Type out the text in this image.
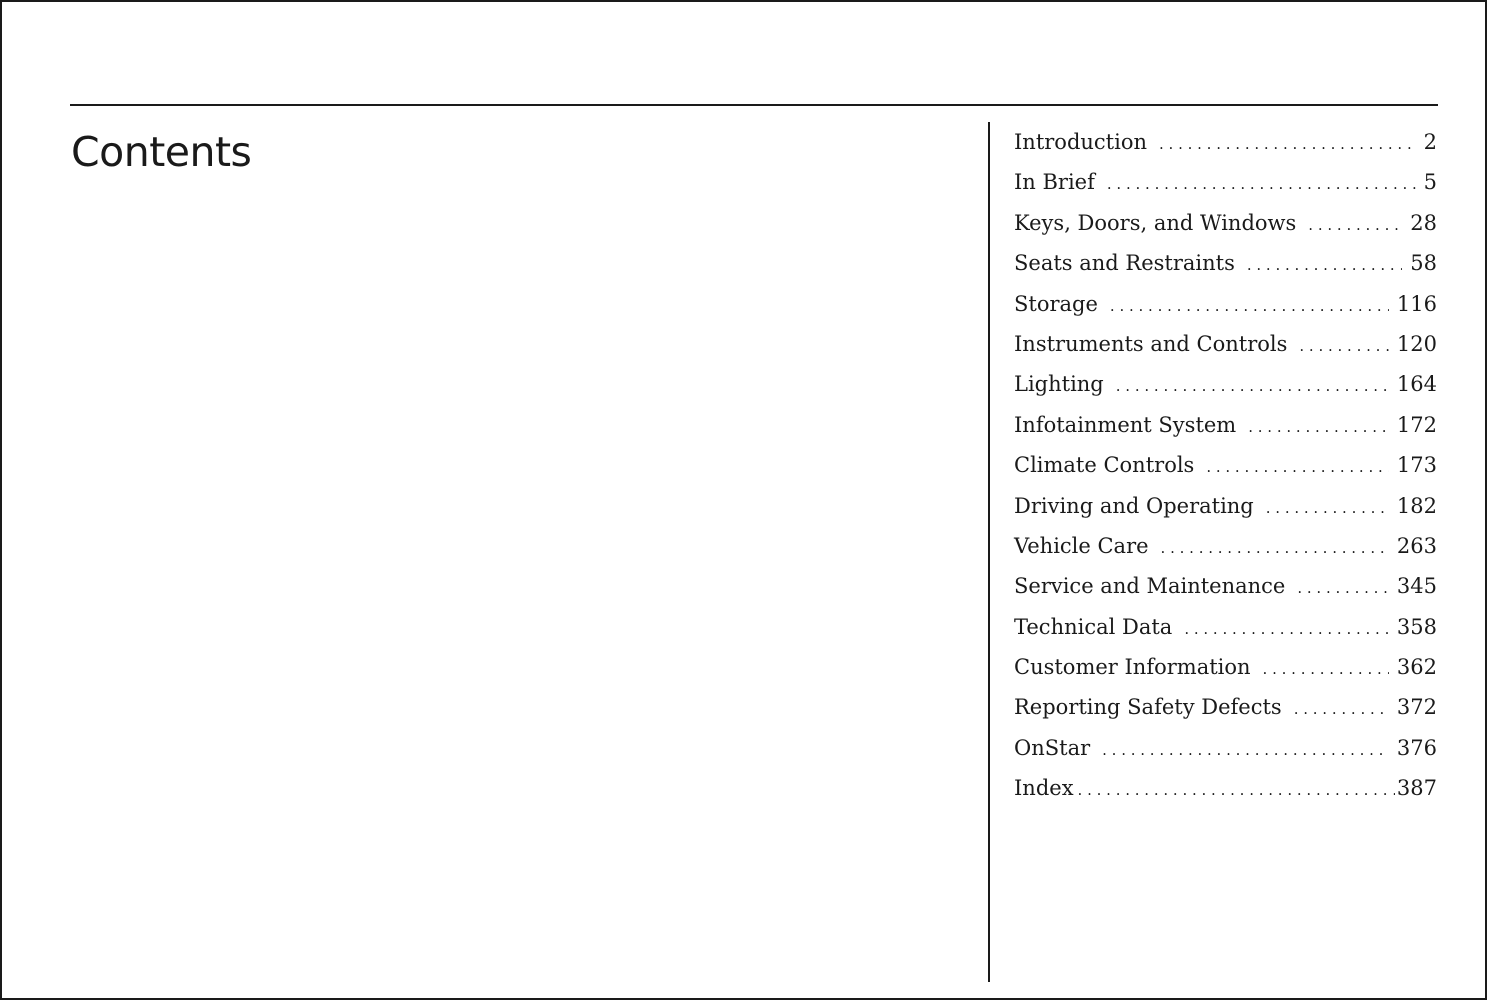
Contents	Introduction . . .	2
In Brief . . .	5
Keys, Doors, and Windows . . .	28
Seats and Restraints . . .	58
Storage . . .	116
Instruments and Controls . . .	120
Lighting . . .	164
Infotainment System . . .	172
Climate Controls . . .	173
Driving and Operating . . .	182
Vehicle Care . . .	263
Service and Maintenance . . .	345
Technical Data . . .	358
Customer Information . . .	362
Reporting Safety Defects . . .	372
OnStar . . .	376
Index . . .	387
